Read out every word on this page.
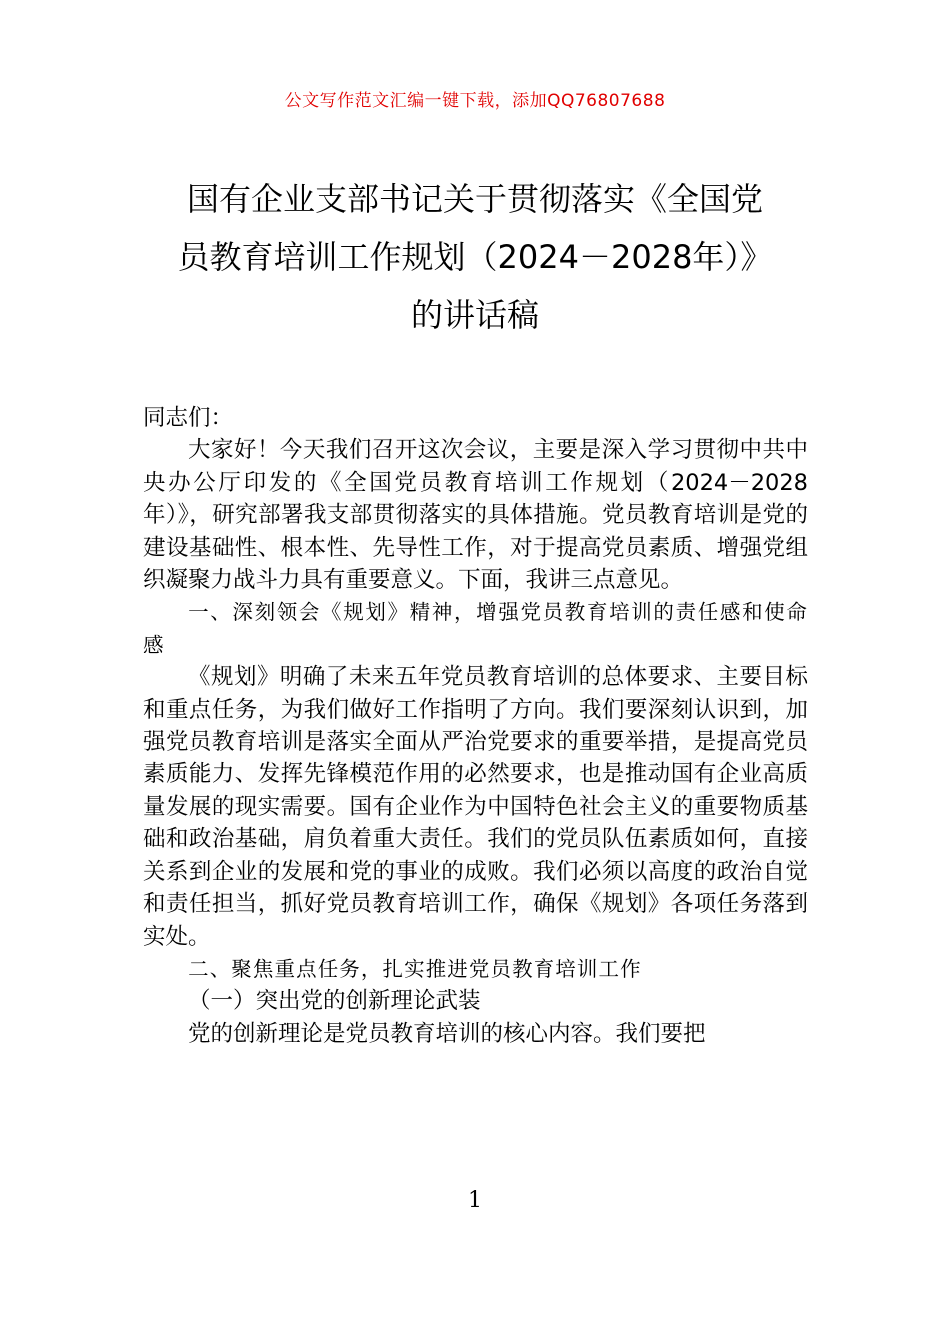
公文写作范文汇编一键下载，添加QQ76807688
国有企业支部书记关于贯彻落实《全国党
员教育培训工作规划（2024－2028年）》
的讲话稿

同志们：

大家好！今天我们召开这次会议，主要是深入学习贯彻中共中央办公厅印发的《全国党员教育培训工作规划（2024－2028年）》，研究部署我支部贯彻落实的具体措施。党员教育培训是党的建设基础性、根本性、先导性工作，对于提高党员素质、增强党组织凝聚力战斗力具有重要意义。下面，我讲三点意见。

一、深刻领会《规划》精神，增强党员教育培训的责任感和使命感

《规划》明确了未来五年党员教育培训的总体要求、主要目标和重点任务，为我们做好工作指明了方向。我们要深刻认识到，加强党员教育培训是落实全面从严治党要求的重要举措，是提高党员素质能力、发挥先锋模范作用的必然要求，也是推动国有企业高质量发展的现实需要。国有企业作为中国特色社会主义的重要物质基础和政治基础，肩负着重大责任。我们的党员队伍素质如何，直接关系到企业的发展和党的事业的成败。我们必须以高度的政治自觉和责任担当，抓好党员教育培训工作，确保《规划》各项任务落到实处。

二、聚焦重点任务，扎实推进党员教育培训工作

（一）突出党的创新理论武装

党的创新理论是党员教育培训的核心内容。我们要把

1
